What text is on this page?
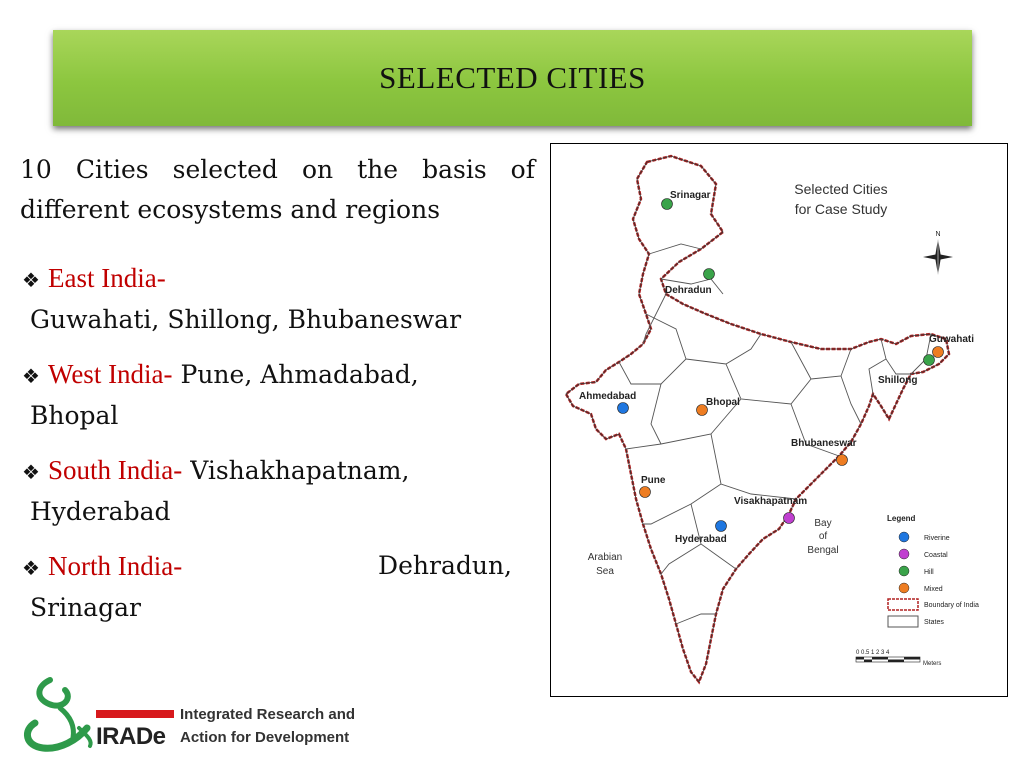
SELECTED CITIES
10 Cities selected on the basis of different ecosystems and regions
❖ East India-
Guwahati, Shillong, Bhubaneswar
❖ West India- Pune, Ahmadabad,
Bhopal
❖ South India- Vishakhapatnam,
Hyderabad
❖ North India-	Dehradun,
Srinagar
Srinagar
Dehradun
Guwahati
Shillong
Ahmedabad
Bhopal
Bhubaneswar
Pune
Visakhapatnam
Hyderabad
Arabian
Sea
Bay
of
Bengal
Selected Cities
for Case Study
N
Legend
Riverine
Coastal
Hill
Mixed
Boundary of India
States
0 0.5 1 2 3 4
Meters
IRADe
Integrated Research and
Action for Development
